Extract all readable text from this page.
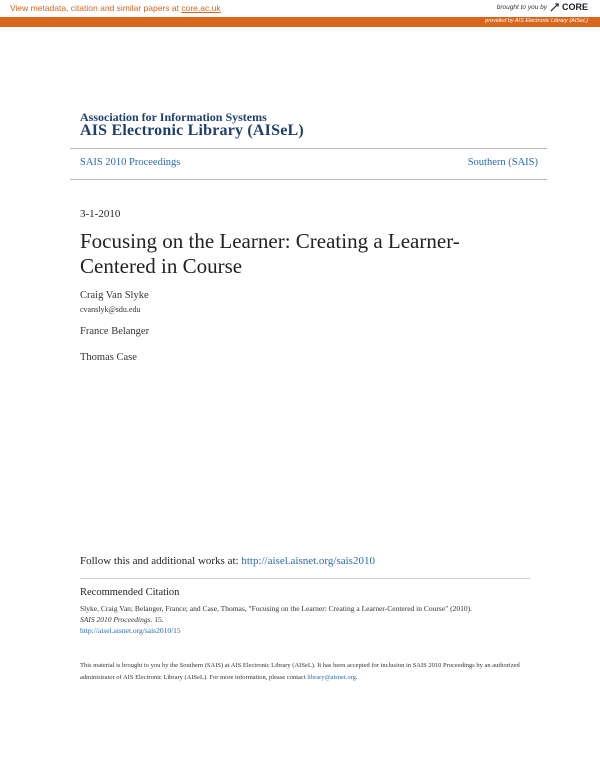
View metadata, citation and similar papers at core.ac.uk	brought to you by CORE
provided by AIS Electronic Library (AISeL)
Association for Information Systems
AIS Electronic Library (AISeL)
SAIS 2010 Proceedings	Southern (SAIS)
3-1-2010
Focusing on the Learner: Creating a Learner-Centered in Course
Craig Van Slyke
cvanslyk@sdu.edu
France Belanger
Thomas Case
Follow this and additional works at: http://aisel.aisnet.org/sais2010
Recommended Citation
Slyke, Craig Van; Belanger, France; and Case, Thomas, "Focusing on the Learner: Creating a Learner-Centered in Course" (2010).
SAIS 2010 Proceedings. 15.
http://aisel.aisnet.org/sais2010/15
This material is brought to you by the Southern (SAIS) at AIS Electronic Library (AISeL). It has been accepted for inclusion in SAIS 2010 Proceedings by an authorized administrator of AIS Electronic Library (AISeL). For more information, please contact library@aisnet.org.
